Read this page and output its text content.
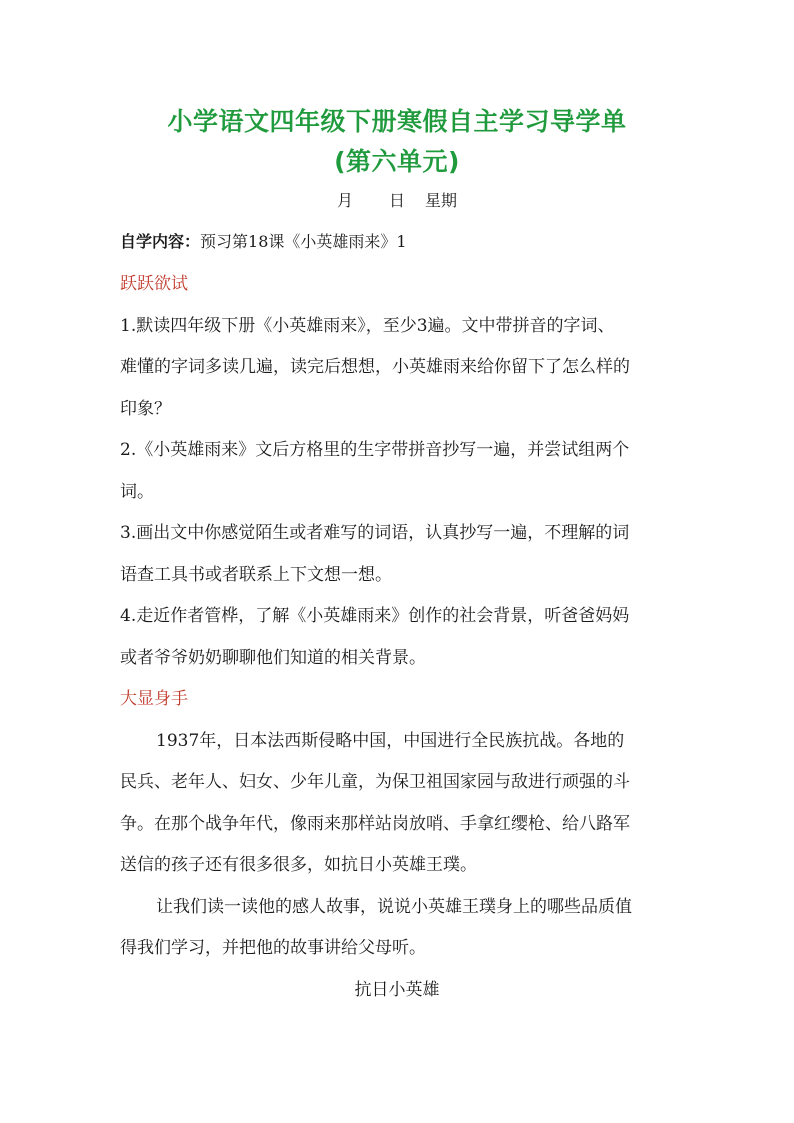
小学语文四年级下册寒假自主学习导学单
(第六单元)
月 日 星期
自学内容：预习第18课《小英雄雨来》1
跃跃欲试
1.默读四年级下册《小英雄雨来》，至少3遍。文中带拼音的字词、
难懂的字词多读几遍，读完后想想，小英雄雨来给你留下了怎么样的
印象？
2.《小英雄雨来》文后方格里的生字带拼音抄写一遍，并尝试组两个
词。
3.画出文中你感觉陌生或者难写的词语，认真抄写一遍，不理解的词
语查工具书或者联系上下文想一想。
4.走近作者管桦，了解《小英雄雨来》创作的社会背景，听爸爸妈妈
或者爷爷奶奶聊聊他们知道的相关背景。
大显身手
1937年，日本法西斯侵略中国，中国进行全民族抗战。各地的
民兵、老年人、妇女、少年儿童，为保卫祖国家园与敌进行顽强的斗
争。在那个战争年代，像雨来那样站岗放哨、手拿红缨枪、给八路军
送信的孩子还有很多很多，如抗日小英雄王璞。
让我们读一读他的感人故事，说说小英雄王璞身上的哪些品质值
得我们学习，并把他的故事讲给父母听。
抗日小英雄
